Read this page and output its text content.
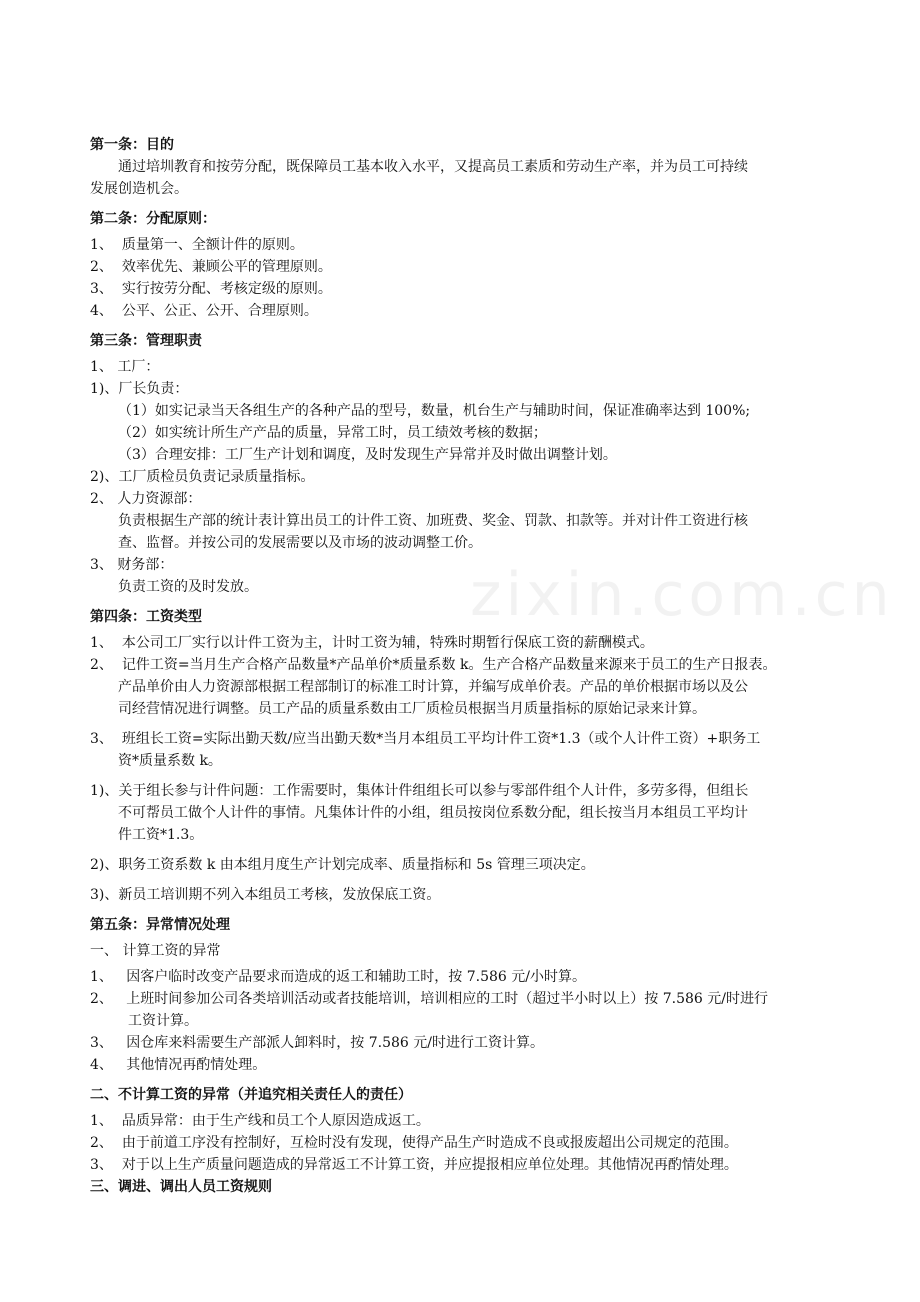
zixin.com.cn
第一条：目的
通过培圳教育和按劳分配，既保障员工基本收入水平，又提高员工素质和劳动生产率，并为员工可持续
发展创造机会。
第二条：分配原则：
1、 质量第一、全额计件的原则。
2、 效率优先、兼顾公平的管理原则。
3、 实行按劳分配、考核定级的原则。
4、 公平、公正、公开、合理原则。
第三条：管理职责
1、 工厂：
1)、厂长负责：
（1）如实记录当天各组生产的各种产品的型号，数量，机台生产与辅助时间，保证准确率达到 100%;
（2）如实统计所生产产品的质量，异常工时，员工绩效考核的数据；
（3）合理安排：工厂生产计划和调度，及时发现生产异常并及时做出调整计划。
2)、工厂质检员负责记录质量指标。
2、 人力资源部：
负责根据生产部的统计表计算出员工的计件工资、加班费、奖金、罚款、扣款等。并对计件工资进行核
查、监督。并按公司的发展需要以及市场的波动调整工价。
3、 财务部：
负责工资的及时发放。
第四条：工资类型
1、 本公司工厂实行以计件工资为主，计时工资为辅，特殊时期暂行保底工资的薪酬模式。
2、 记件工资=当月生产合格产品数量*产品单价*质量系数 k。生产合格产品数量来源来于员工的生产日报表。
产品单价由人力资源部根据工程部制订的标准工时计算，并编写成单价表。产品的单价根据市场以及公
司经营情况进行调整。员工产品的质量系数由工厂质检员根据当月质量指标的原始记录来计算。
3、 班组长工资=实际出勤天数/应当出勤天数*当月本组员工平均计件工资*1.3（或个人计件工资）+职务工
资*质量系数 k。
1)、关于组长参与计件问题：工作需要时，集体计件组组长可以参与零部件组个人计件，多劳多得，但组长
不可帮员工做个人计件的事情。凡集体计件的小组，组员按岗位系数分配，组长按当月本组员工平均计
件工资*1.3。
2)、职务工资系数 k 由本组月度生产计划完成率、质量指标和 5s 管理三项决定。
3)、新员工培训期不列入本组员工考核，发放保底工资。
第五条：异常情况处理
一、 计算工资的异常
1、 因客户临时改变产品要求而造成的返工和辅助工时，按 7.586 元/小时算。
2、 上班时间参加公司各类培训活动或者技能培训，培训相应的工时（超过半小时以上）按 7.586 元/时进行
工资计算。
3、 因仓库来料需要生产部派人卸料时，按 7.586 元/时进行工资计算。
4、 其他情况再酌情处理。
二、不计算工资的异常（并追究相关责任人的责任）
1、 品质异常：由于生产线和员工个人原因造成返工。
2、 由于前道工序没有控制好，互检时没有发现，使得产品生产时造成不良或报废超出公司规定的范围。
3、 对于以上生产质量问题造成的异常返工不计算工资，并应提报相应单位处理。其他情况再酌情处理。
三、调进、调出人员工资规则
